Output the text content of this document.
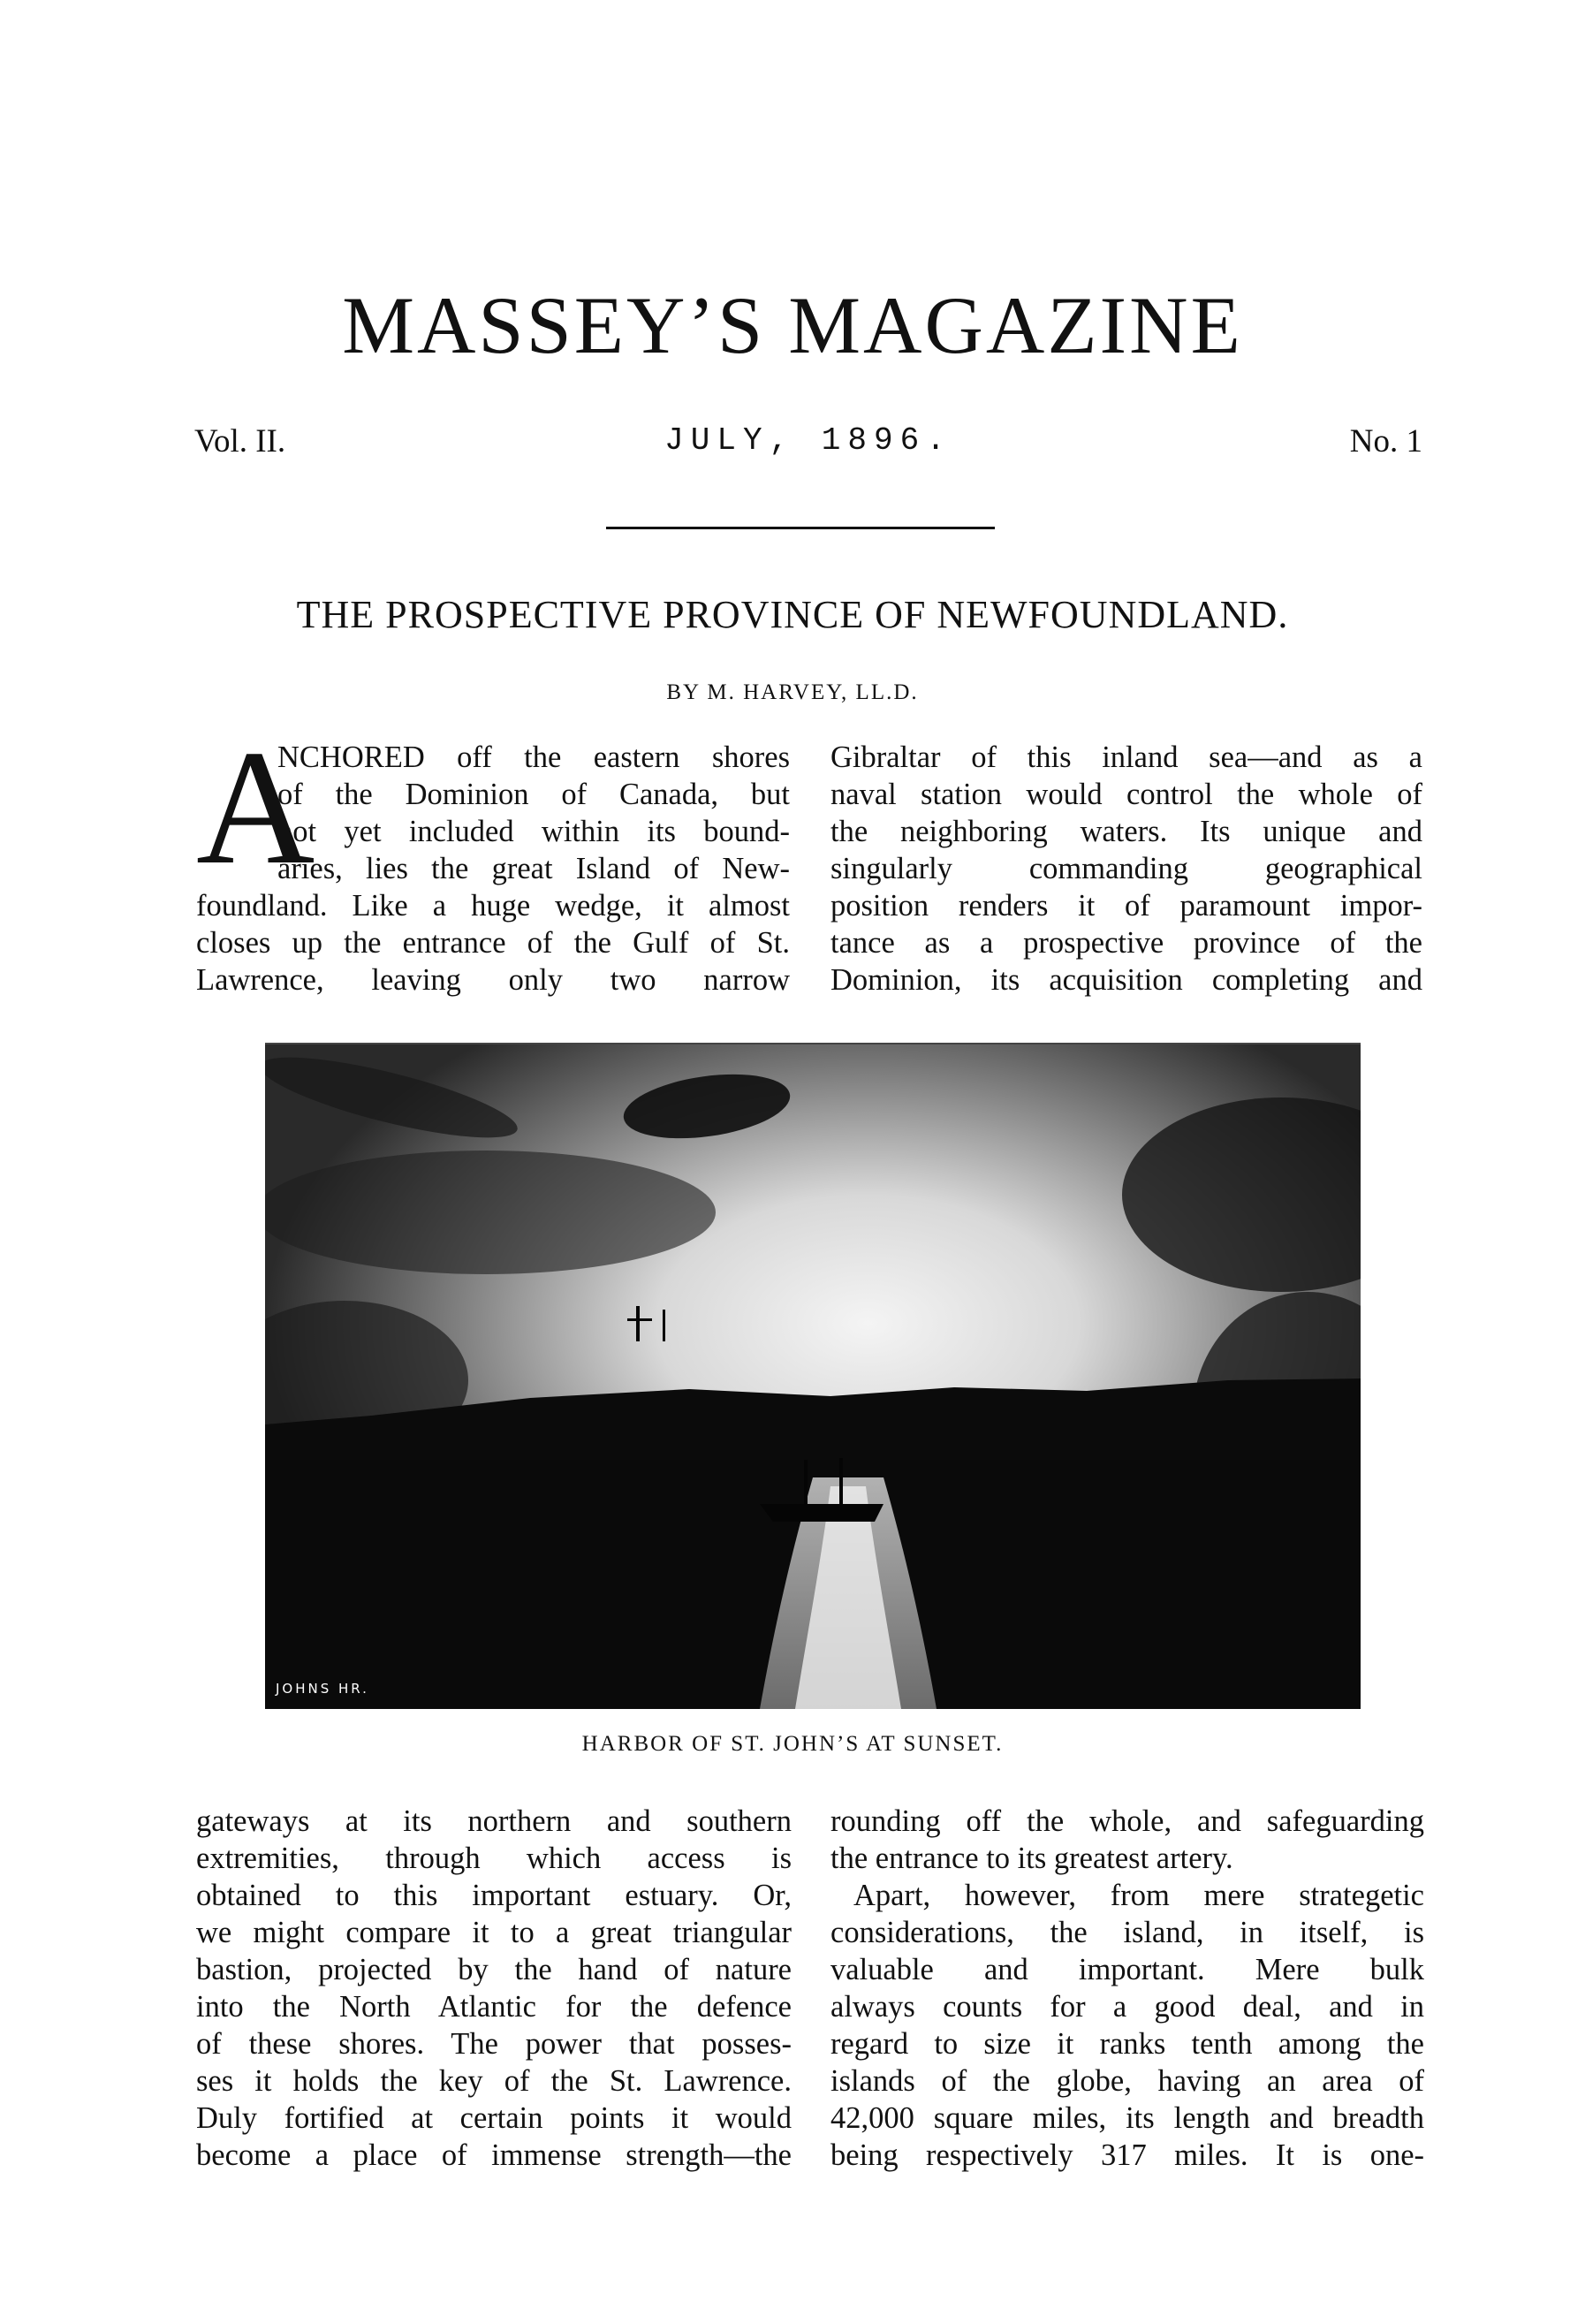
MASSEY’S MAGAZINE
Vol. II.	JULY, 1896.	No. 1
THE PROSPECTIVE PROVINCE OF NEWFOUNDLAND.
BY M. HARVEY, LL.D.
A
NCHORED off the eastern shores
of the Dominion of Canada, but
not yet included within its bound-
aries, lies the great Island of New-
foundland. Like a huge wedge, it almost
closes up the entrance of the Gulf of St.
Lawrence, leaving only two narrow
Gibraltar of this inland sea—and as a
naval station would control the whole of
the neighboring waters. Its unique and
singularly commanding geographical
position renders it of paramount impor-
tance as a prospective province of the
Dominion, its acquisition completing and
JOHNS HR.
HARBOR OF ST. JOHN’S AT SUNSET.
gateways at its northern and southern
extremities, through which access is
obtained to this important estuary. Or,
we might compare it to a great triangular
bastion, projected by the hand of nature
into the North Atlantic for the defence
of these shores. The power that posses-
ses it holds the key of the St. Lawrence.
Duly fortified at certain points it would
become a place of immense strength—the
rounding off the whole, and safeguarding
the entrance to its greatest artery.
Apart, however, from mere strategetic
considerations, the island, in itself, is
valuable and important. Mere bulk
always counts for a good deal, and in
regard to size it ranks tenth among the
islands of the globe, having an area of
42,000 square miles, its length and breadth
being respectively 317 miles. It is one-
